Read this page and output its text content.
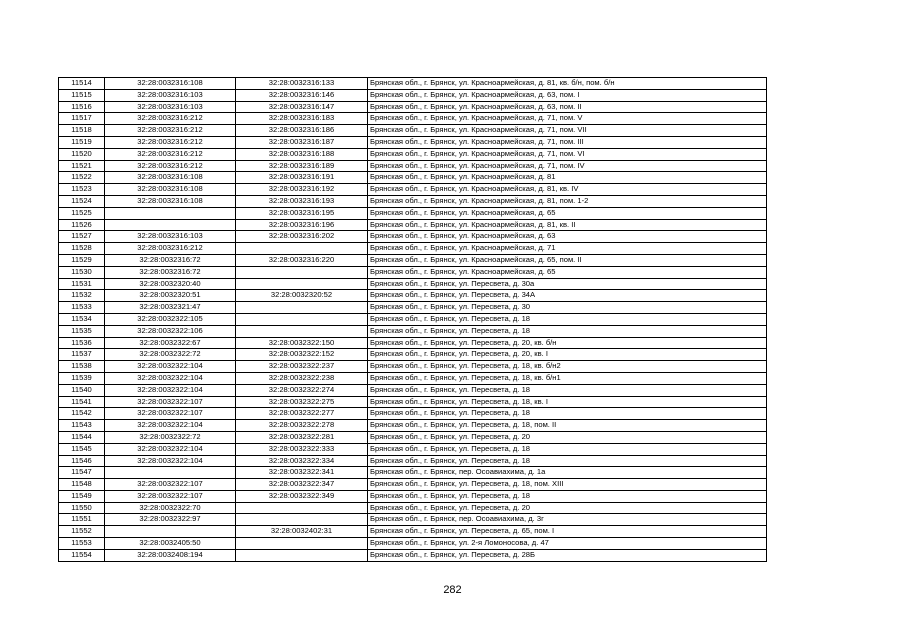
11514	32:28:0032316:108	32:28:0032316:133	Брянская обл., г. Брянск, ул. Красноармейская, д. 81, кв. б/н, пом. б/н
11515	32:28:0032316:103	32:28:0032316:146	Брянская обл., г. Брянск, ул. Красноармейская, д. 63, пом. I
11516	32:28:0032316:103	32:28:0032316:147	Брянская обл., г. Брянск, ул. Красноармейская, д. 63, пом. II
11517	32:28:0032316:212	32:28:0032316:183	Брянская обл., г. Брянск, ул. Красноармейская, д. 71, пом. V
11518	32:28:0032316:212	32:28:0032316:186	Брянская обл., г. Брянск, ул. Красноармейская, д. 71, пом. VII
11519	32:28:0032316:212	32:28:0032316:187	Брянская обл., г. Брянск, ул. Красноармейская, д. 71, пом. III
11520	32:28:0032316:212	32:28:0032316:188	Брянская обл., г. Брянск, ул. Красноармейская, д. 71, пом. VI
11521	32:28:0032316:212	32:28:0032316:189	Брянская обл., г. Брянск, ул. Красноармейская, д. 71, пом. IV
11522	32:28:0032316:108	32:28:0032316:191	Брянская обл., г. Брянск, ул. Красноармейская, д. 81
11523	32:28:0032316:108	32:28:0032316:192	Брянская обл., г. Брянск, ул. Красноармейская, д. 81, кв. IV
11524	32:28:0032316:108	32:28:0032316:193	Брянская обл., г. Брянск, ул. Красноармейская, д. 81, пом. 1-2
11525		32:28:0032316:195	Брянская обл., г. Брянск, ул. Красноармейская, д. 65
11526		32:28:0032316:196	Брянская обл., г. Брянск, ул. Красноармейская, д. 81, кв. II
11527	32:28:0032316:103	32:28:0032316:202	Брянская обл., г. Брянск, ул. Красноармейская, д. 63
11528	32:28:0032316:212		Брянская обл., г. Брянск, ул. Красноармейская, д. 71
11529	32:28:0032316:72	32:28:0032316:220	Брянская обл., г. Брянск, ул. Красноармейская, д. 65, пом. II
11530	32:28:0032316:72		Брянская обл., г. Брянск, ул. Красноармейская, д. 65
11531	32:28:0032320:40		Брянская обл., г. Брянск, ул. Пересвета, д. 30а
11532	32:28:0032320:51	32:28:0032320:52	Брянская обл., г. Брянск, ул. Пересвета, д. 34А
11533	32:28:0032321:47		Брянская обл., г. Брянск, ул. Пересвета, д. 30
11534	32:28:0032322:105		Брянская обл., г. Брянск, ул. Пересвета, д. 18
11535	32:28:0032322:106		Брянская обл., г. Брянск, ул. Пересвета, д. 18
11536	32:28:0032322:67	32:28:0032322:150	Брянская обл., г. Брянск, ул. Пересвета, д. 20, кв. б/н
11537	32:28:0032322:72	32:28:0032322:152	Брянская обл., г. Брянск, ул. Пересвета, д. 20, кв. I
11538	32:28:0032322:104	32:28:0032322:237	Брянская обл., г. Брянск, ул. Пересвета, д. 18, кв. б/н2
11539	32:28:0032322:104	32:28:0032322:238	Брянская обл., г. Брянск, ул. Пересвета, д. 18, кв. б/н1
11540	32:28:0032322:104	32:28:0032322:274	Брянская обл., г. Брянск, ул. Пересвета, д. 18
11541	32:28:0032322:107	32:28:0032322:275	Брянская обл., г. Брянск, ул. Пересвета, д. 18, кв. I
11542	32:28:0032322:107	32:28:0032322:277	Брянская обл., г. Брянск, ул. Пересвета, д. 18
11543	32:28:0032322:104	32:28:0032322:278	Брянская обл., г. Брянск, ул. Пересвета, д. 18, пом. II
11544	32:28:0032322:72	32:28:0032322:281	Брянская обл., г. Брянск, ул. Пересвета, д. 20
11545	32:28:0032322:104	32:28:0032322:333	Брянская обл., г. Брянск, ул. Пересвета, д. 18
11546	32:28:0032322:104	32:28:0032322:334	Брянская обл., г. Брянск, ул. Пересвета, д. 18
11547		32:28:0032322:341	Брянская обл., г. Брянск, пер. Осоавиахима, д. 1а
11548	32:28:0032322:107	32:28:0032322:347	Брянская обл., г. Брянск, ул. Пересвета, д. 18, пом. XIII
11549	32:28:0032322:107	32:28:0032322:349	Брянская обл., г. Брянск, ул. Пересвета, д. 18
11550	32:28:0032322:70		Брянская обл., г. Брянск, ул. Пересвета, д. 20
11551	32:28:0032322:97		Брянская обл., г. Брянск, пер. Осоавиахима, д. 3г
11552		32:28:0032402:31	Брянская обл., г. Брянск, ул. Пересвета, д. 65, пом. I
11553	32:28:0032405:50		Брянская обл., г. Брянск, ул. 2-я Ломоносова, д. 47
11554	32:28:0032408:194		Брянская обл., г. Брянск, ул. Пересвета, д. 28Б
282
